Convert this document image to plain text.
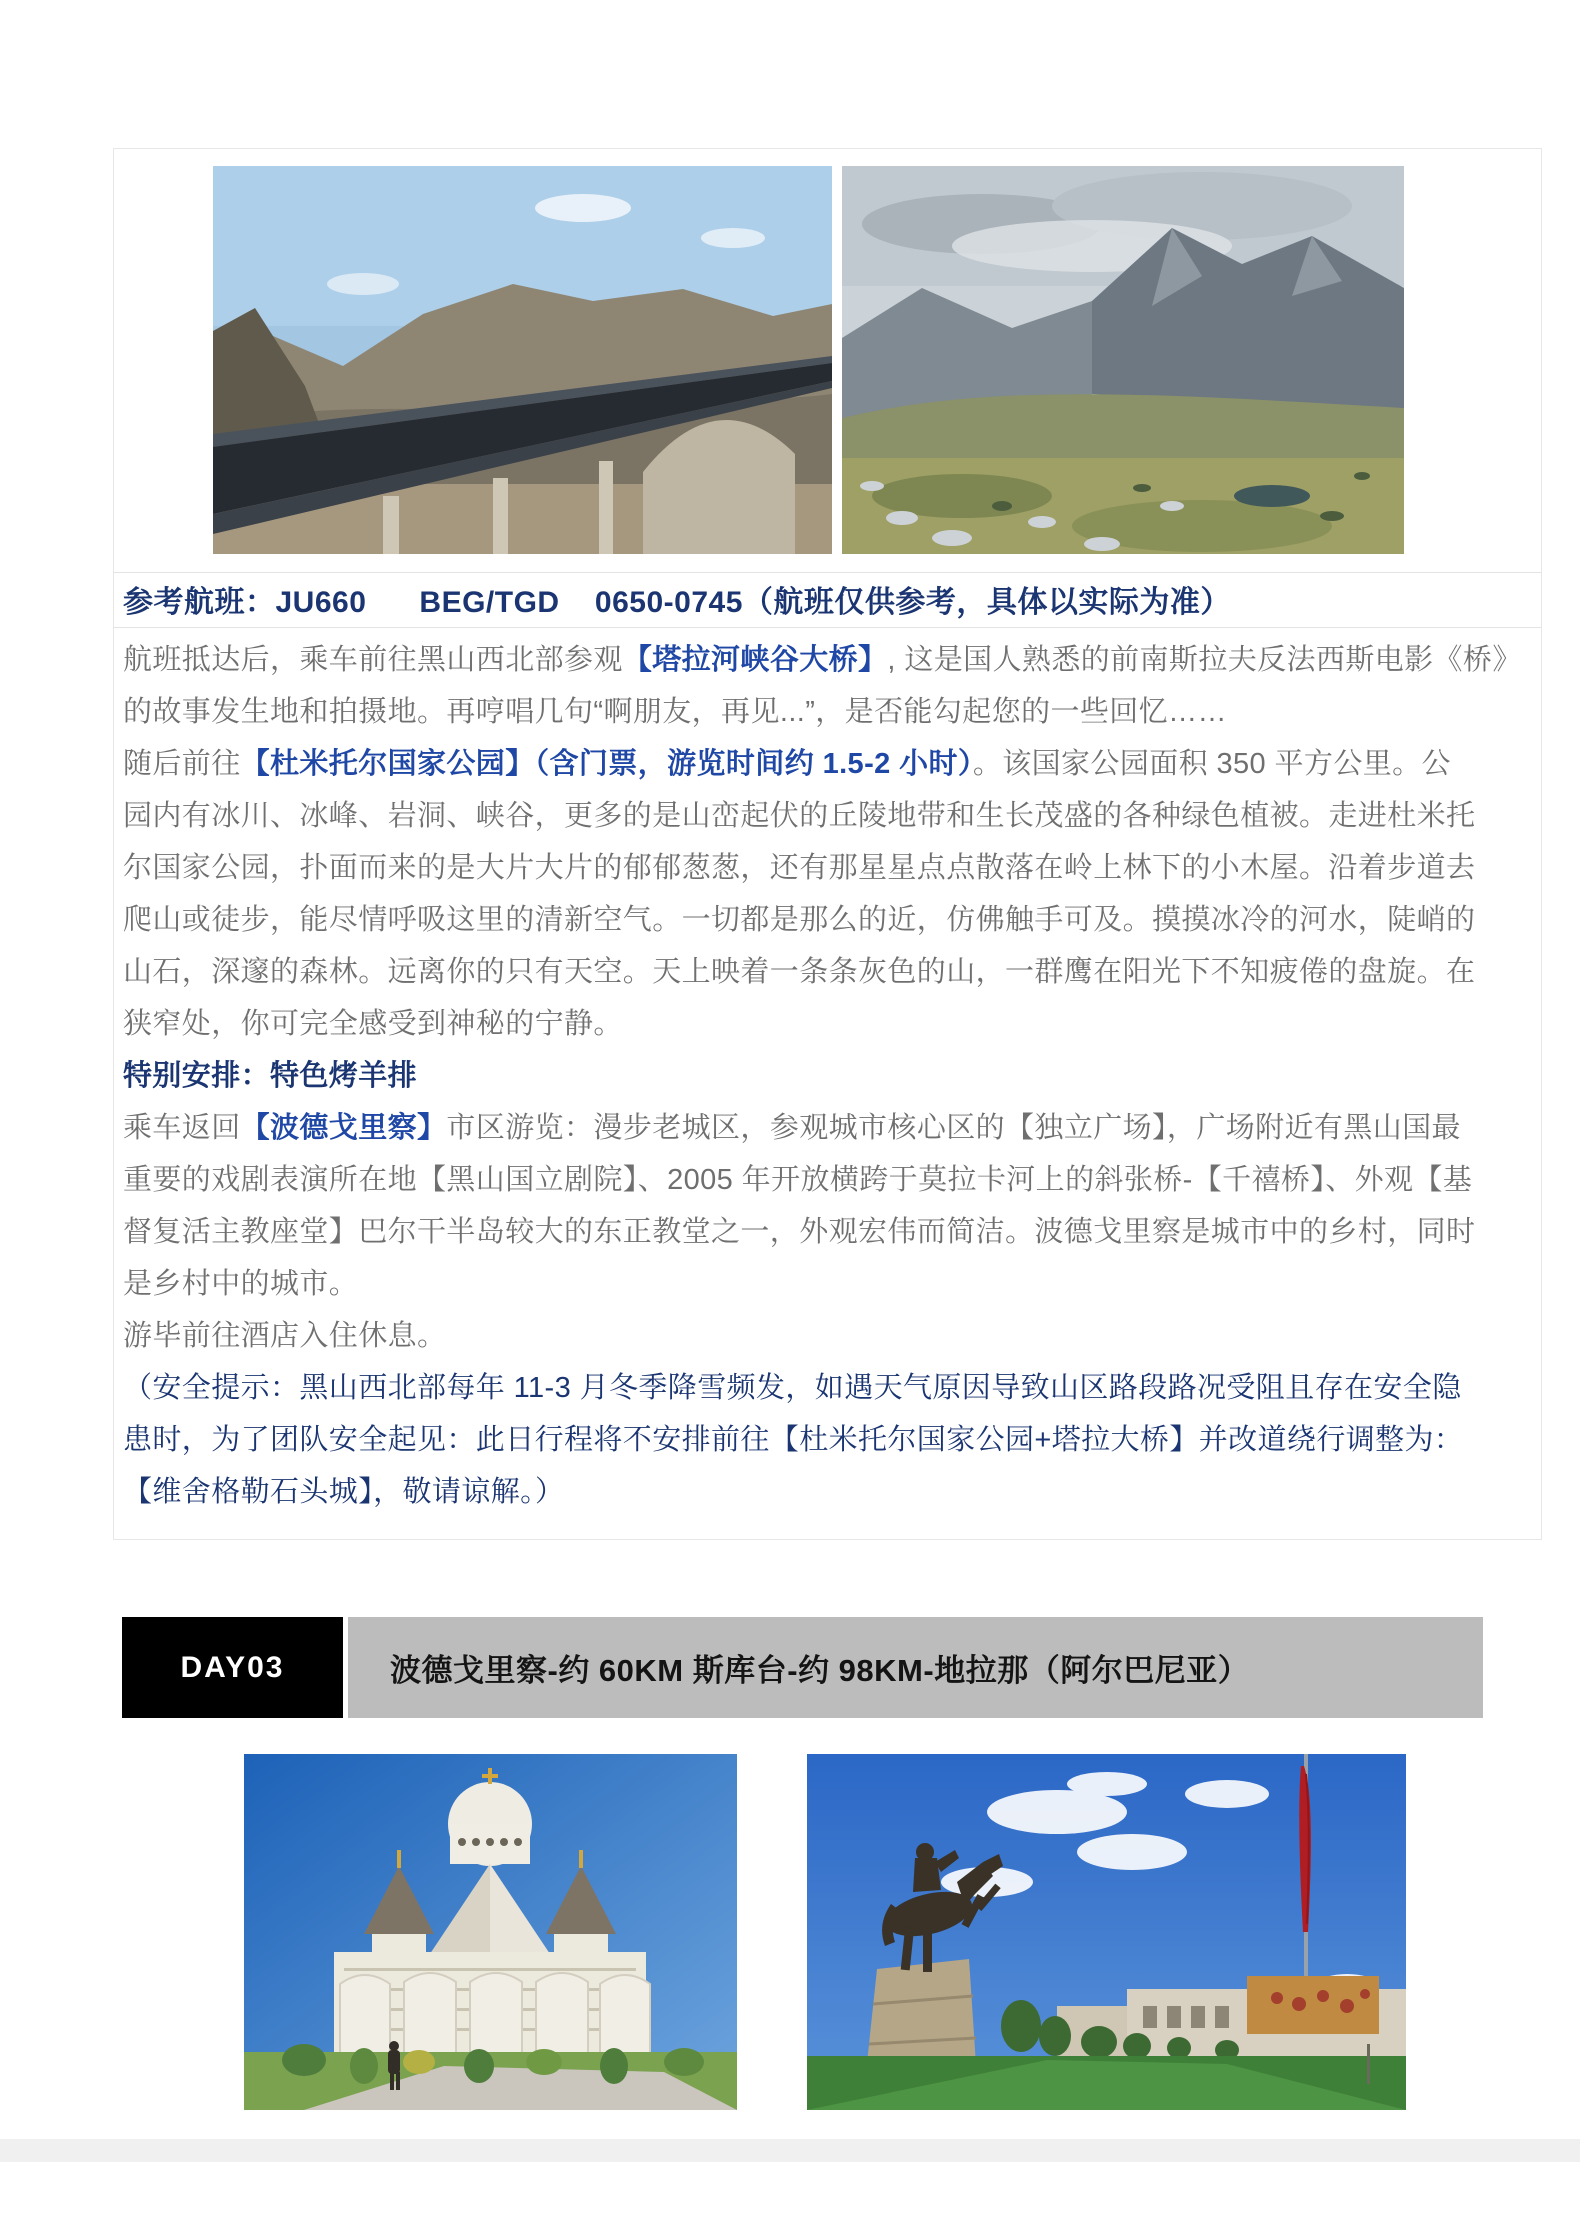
参考航班：JU660      BEG/TGD    0650-0745（航班仅供参考，具体以实际为准）
航班抵达后，乘车前往黑山西北部参观【塔拉河峡谷大桥】, 这是国人熟悉的前南斯拉夫反法西斯电影《桥》
的故事发生地和拍摄地。再哼唱几句“啊朋友，再见...”，是否能勾起您的一些回忆……
随后前往【杜米托尔国家公园】（含门票，游览时间约 1.5-2 小时）。该国家公园面积 350 平方公里。公
园内有冰川、冰峰、岩洞、峡谷，更多的是山峦起伏的丘陵地带和生长茂盛的各种绿色植被。走进杜米托
尔国家公园，扑面而来的是大片大片的郁郁葱葱，还有那星星点点散落在岭上林下的小木屋。沿着步道去
爬山或徒步，能尽情呼吸这里的清新空气。一切都是那么的近，仿佛触手可及。摸摸冰冷的河水，陡峭的
山石，深邃的森林。远离你的只有天空。天上映着一条条灰色的山，一群鹰在阳光下不知疲倦的盘旋。在
狭窄处，你可完全感受到神秘的宁静。
特别安排：特色烤羊排
乘车返回【波德戈里察】市区游览：漫步老城区，参观城市核心区的【独立广场】，广场附近有黑山国最
重要的戏剧表演所在地【黑山国立剧院】、2005 年开放横跨于莫拉卡河上的斜张桥-【千禧桥】、外观【基
督复活主教座堂】巴尔干半岛较大的东正教堂之一，外观宏伟而简洁。波德戈里察是城市中的乡村，同时
是乡村中的城市。
游毕前往酒店入住休息。
（安全提示：黑山西北部每年 11-3 月冬季降雪频发，如遇天气原因导致山区路段路况受阻且存在安全隐
患时，为了团队安全起见：此日行程将不安排前往【杜米托尔国家公园+塔拉大桥】并改道绕行调整为：
【维舍格勒石头城】，敬请谅解。）
DAY03	波德戈里察-约 60KM 斯库台-约 98KM-地拉那（阿尔巴尼亚）
